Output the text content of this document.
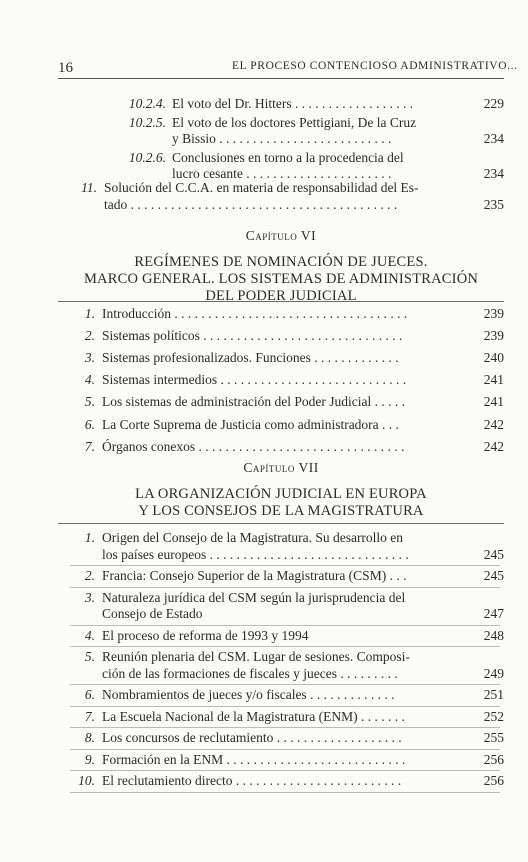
16	EL PROCESO CONTENCIOSO ADMINISTRATIVO...
10.2.4. El voto del Dr. Hitters . . . . . . . . . . . . . . . . . .	229
10.2.5. El voto de los doctores Pettigiani, De la Cruz
y Bissio . . . . . . . . . . . . . . . . . . . . . . . . . .	234
10.2.6. Conclusiones en torno a la procedencia del
lucro cesante . . . . . . . . . . . . . . . . . . . . . .	234
11. Solución del C.C.A. en materia de responsabilidad del Es-
tado . . . . . . . . . . . . . . . . . . . . . . . . . . . . . . . . . . . . . . . .	235
Capítulo VI
REGÍMENES DE NOMINACIÓN DE JUECES.
MARCO GENERAL. LOS SISTEMAS DE ADMINISTRACIÓN
DEL PODER JUDICIAL
1. Introducción . . . . . . . . . . . . . . . . . . . . . . . . . . . . . . . . . . .	239
2. Sistemas políticos . . . . . . . . . . . . . . . . . . . . . . . . . . . . . .	239
3. Sistemas profesionalizados. Funciones . . . . . . . . . . . . .	240
4. Sistemas intermedios . . . . . . . . . . . . . . . . . . . . . . . . . . . .	241
5. Los sistemas de administración del Poder Judicial . . . . .	241
6. La Corte Suprema de Justicia como administradora . . .	242
7. Órganos conexos . . . . . . . . . . . . . . . . . . . . . . . . . . . . . . .	242
Capítulo VII
LA ORGANIZACIÓN JUDICIAL EN EUROPA
Y LOS CONSEJOS DE LA MAGISTRATURA
1. Origen del Consejo de la Magistratura. Su desarrollo en
los países europeos . . . . . . . . . . . . . . . . . . . . . . . . . . . . . .	245
2. Francia: Consejo Superior de la Magistratura (CSM) . . .	245
3. Naturaleza jurídica del CSM según la jurisprudencia del
Consejo de Estado	247
4. El proceso de reforma de 1993 y 1994	248
5. Reunión plenaria del CSM. Lugar de sesiones. Composi-
ción de las formaciones de fiscales y jueces . . . . . . . . .	249
6. Nombramientos de jueces y/o fiscales . . . . . . . . . . . . .	251
7. La Escuela Nacional de la Magistratura (ENM) . . . . . . .	252
8. Los concursos de reclutamiento . . . . . . . . . . . . . . . . . . .	255
9. Formación en la ENM . . . . . . . . . . . . . . . . . . . . . . . . . . .	256
10. El reclutamiento directo . . . . . . . . . . . . . . . . . . . . . . . . .	256
